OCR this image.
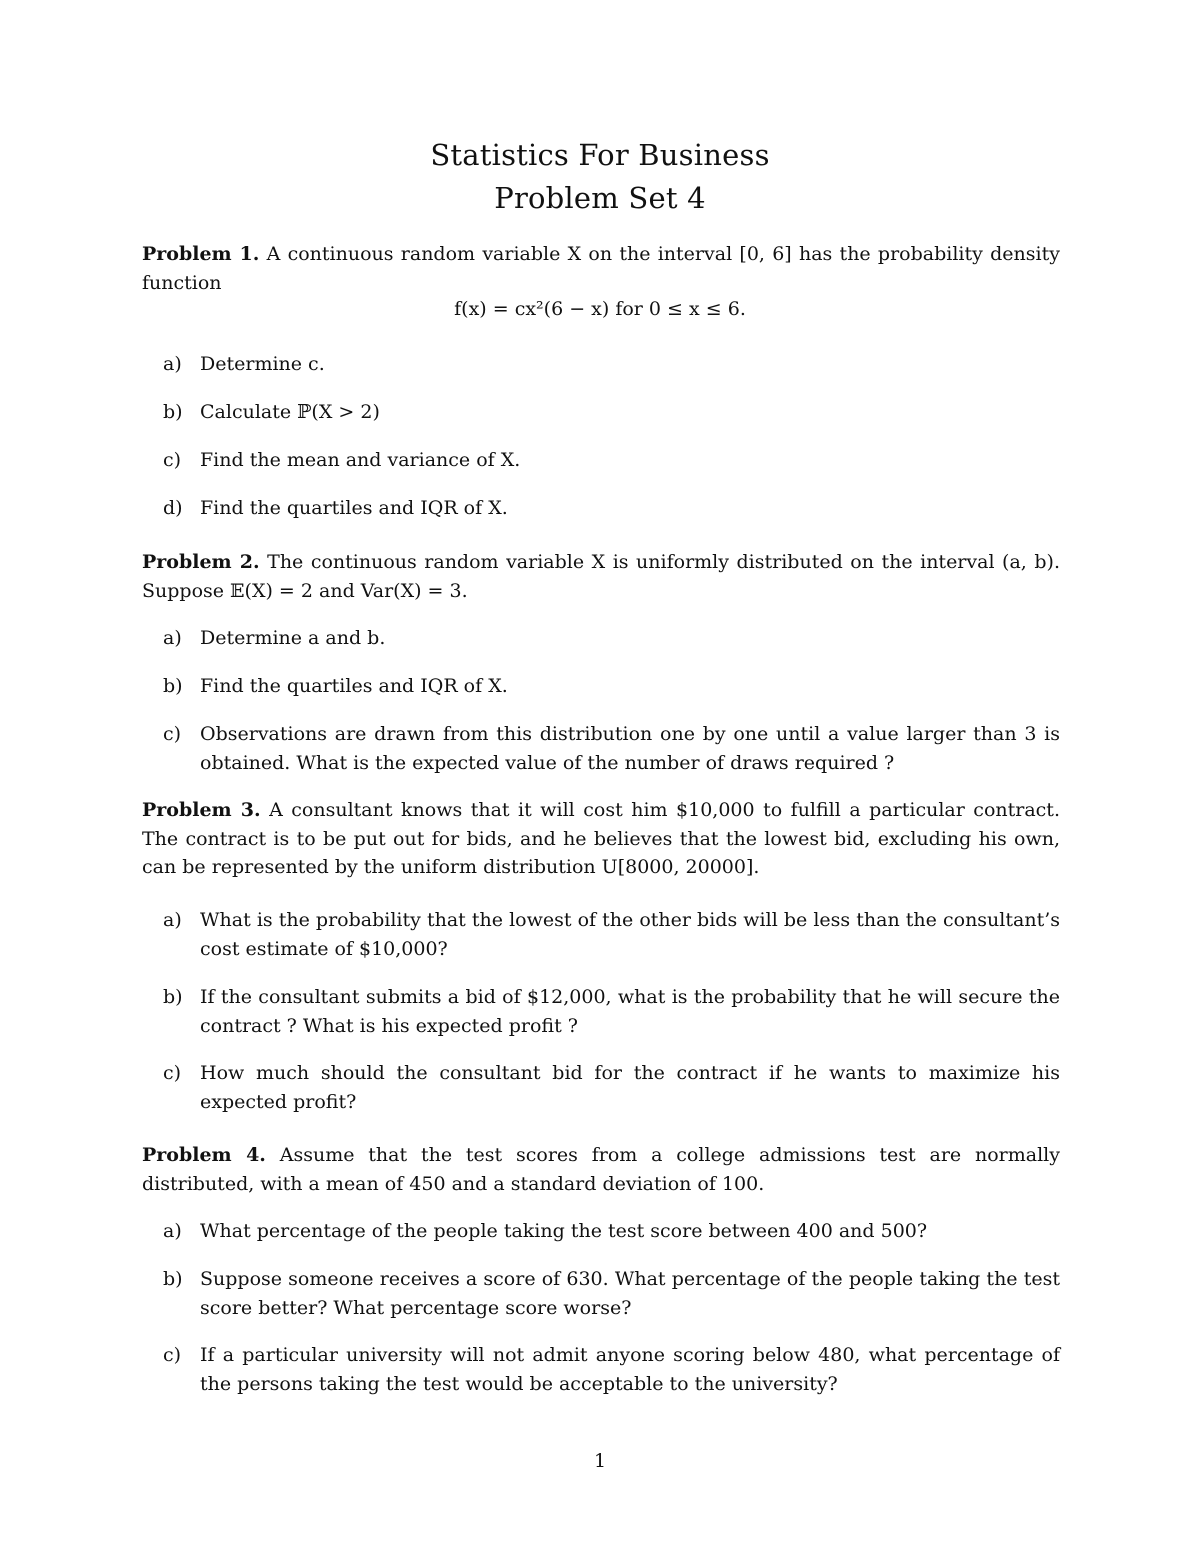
Statistics For Business
Problem Set 4
Problem 1. A continuous random variable X on the interval [0, 6] has the probability density function
f(x) = cx²(6 − x) for 0 ≤ x ≤ 6.
a) Determine c.
b) Calculate ℙ(X > 2)
c) Find the mean and variance of X.
d) Find the quartiles and IQR of X.
Problem 2. The continuous random variable X is uniformly distributed on the interval (a, b). Suppose 𝔼(X) = 2 and Var(X) = 3.
a) Determine a and b.
b) Find the quartiles and IQR of X.
c) Observations are drawn from this distribution one by one until a value larger than 3 is obtained. What is the expected value of the number of draws required ?
Problem 3. A consultant knows that it will cost him $10,000 to fulfill a particular contract. The contract is to be put out for bids, and he believes that the lowest bid, excluding his own, can be represented by the uniform distribution U[8000, 20000].
a) What is the probability that the lowest of the other bids will be less than the consultant’s cost estimate of $10,000?
b) If the consultant submits a bid of $12,000, what is the probability that he will secure the contract ? What is his expected profit ?
c) How much should the consultant bid for the contract if he wants to maximize his expected profit?
Problem 4. Assume that the test scores from a college admissions test are normally distributed, with a mean of 450 and a standard deviation of 100.
a) What percentage of the people taking the test score between 400 and 500?
b) Suppose someone receives a score of 630. What percentage of the people taking the test score better? What percentage score worse?
c) If a particular university will not admit anyone scoring below 480, what percentage of the persons taking the test would be acceptable to the university?
1
